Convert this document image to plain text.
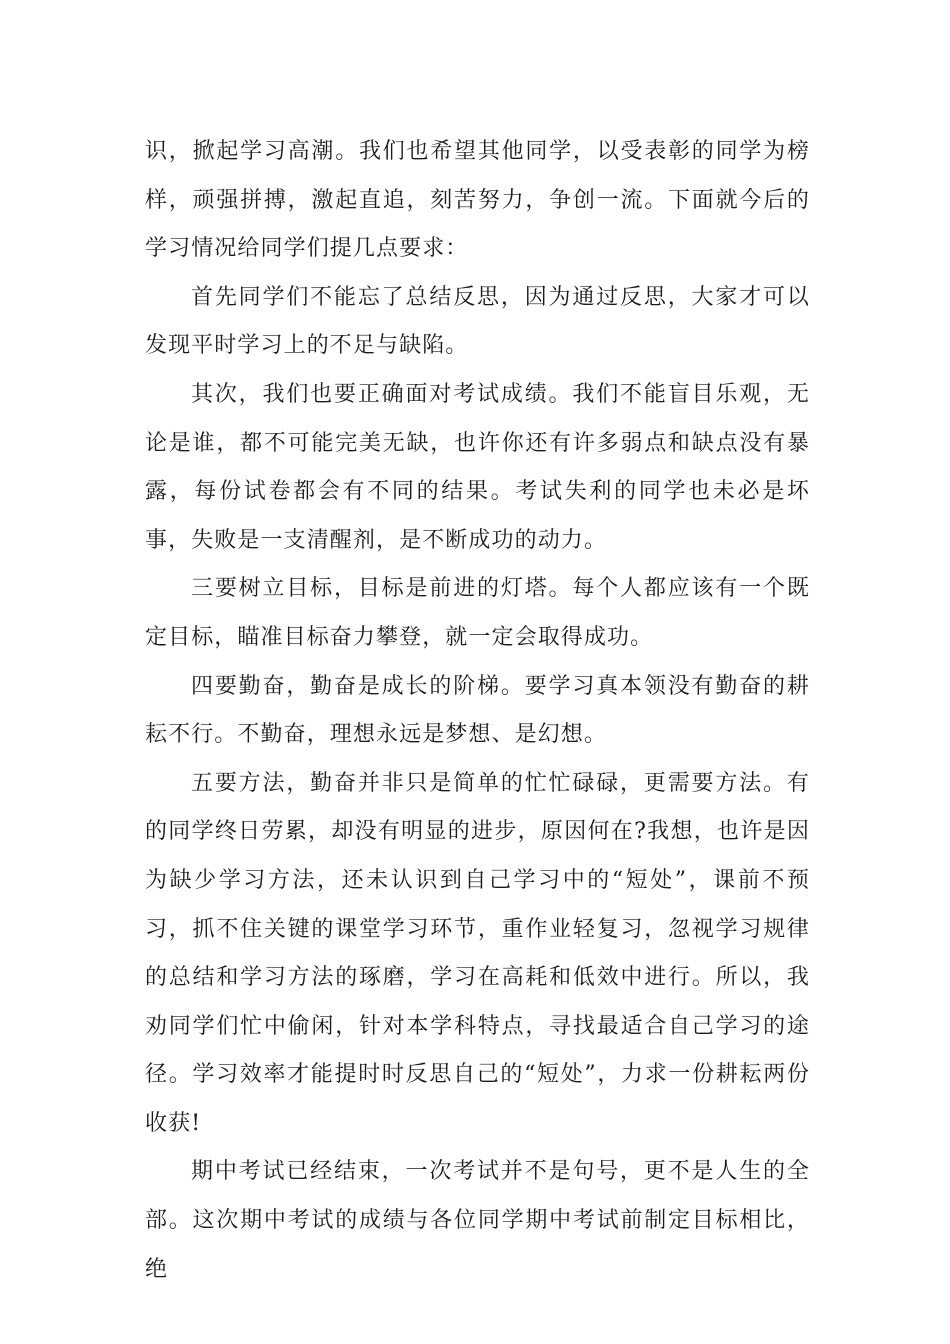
识，掀起学习高潮。我们也希望其他同学，以受表彰的同学为榜样，顽强拼搏，激起直追，刻苦努力，争创一流。下面就今后的学习情况给同学们提几点要求：

首先同学们不能忘了总结反思，因为通过反思，大家才可以发现平时学习上的不足与缺陷。

其次，我们也要正确面对考试成绩。我们不能盲目乐观，无论是谁，都不可能完美无缺，也许你还有许多弱点和缺点没有暴露，每份试卷都会有不同的结果。考试失利的同学也未必是坏事，失败是一支清醒剂，是不断成功的动力。

三要树立目标，目标是前进的灯塔。每个人都应该有一个既定目标，瞄准目标奋力攀登，就一定会取得成功。

四要勤奋，勤奋是成长的阶梯。要学习真本领没有勤奋的耕耘不行。不勤奋，理想永远是梦想、是幻想。

五要方法，勤奋并非只是简单的忙忙碌碌，更需要方法。有的同学终日劳累，却没有明显的进步，原因何在?我想，也许是因为缺少学习方法，还未认识到自己学习中的“短处”，课前不预习，抓不住关键的课堂学习环节，重作业轻复习，忽视学习规律的总结和学习方法的琢磨，学习在高耗和低效中进行。所以，我劝同学们忙中偷闲，针对本学科特点，寻找最适合自己学习的途径。学习效率才能提时时反思自己的“短处”，力求一份耕耘两份收获!

期中考试已经结束，一次考试并不是句号，更不是人生的全部。这次期中考试的成绩与各位同学期中考试前制定目标相比，绝
